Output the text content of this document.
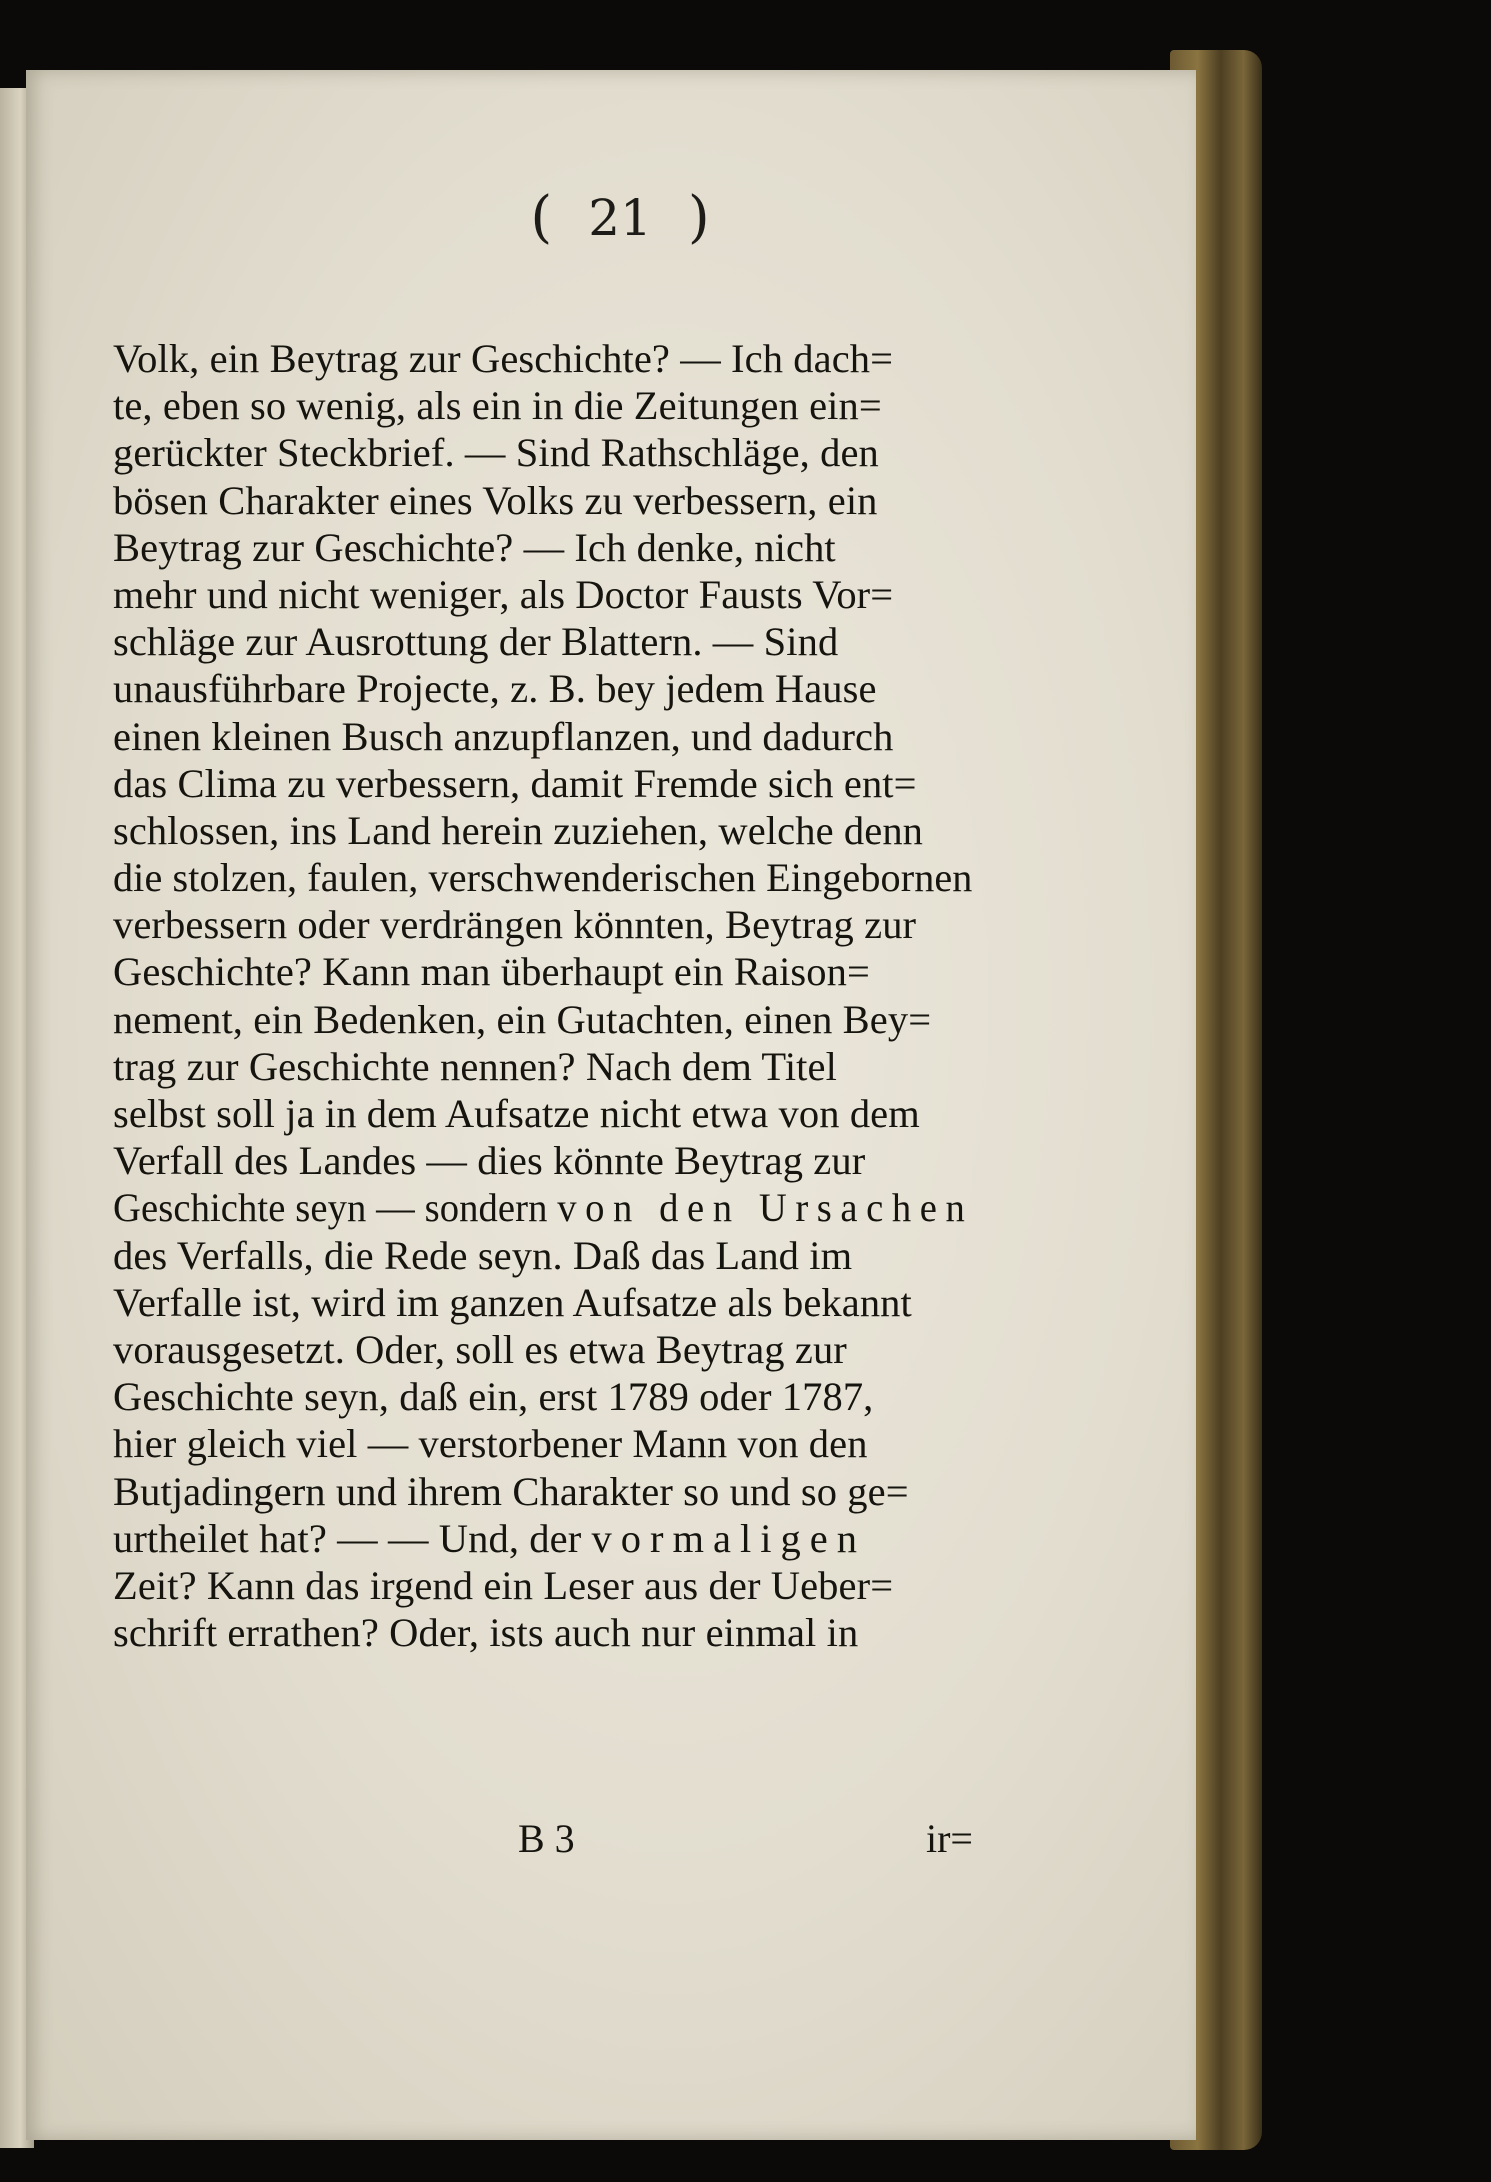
( 21 )
Volk, ein Beytrag zur Geschichte? — Ich dach=
te, eben so wenig, als ein in die Zeitungen ein=
gerückter Steckbrief. — Sind Rathschläge, den
bösen Charakter eines Volks zu verbessern, ein
Beytrag zur Geschichte? — Ich denke, nicht
mehr und nicht weniger, als Doctor Fausts Vor=
schläge zur Ausrottung der Blattern. — Sind
unausführbare Projecte, z. B. bey jedem Hause
einen kleinen Busch anzupflanzen, und dadurch
das Clima zu verbessern, damit Fremde sich ent=
schlossen, ins Land herein zuziehen, welche denn
die stolzen, faulen, verschwenderischen Eingebornen
verbessern oder verdrängen könnten, Beytrag zur
Geschichte? Kann man überhaupt ein Raison=
nement, ein Bedenken, ein Gutachten, einen Bey=
trag zur Geschichte nennen? Nach dem Titel
selbst soll ja in dem Aufsatze nicht etwa von dem
Verfall des Landes — dies könnte Beytrag zur
Geschichte seyn — sondern von den Ursachen
des Verfalls, die Rede seyn. Daß das Land im
Verfalle ist, wird im ganzen Aufsatze als bekannt
vorausgesetzt. Oder, soll es etwa Beytrag zur
Geschichte seyn, daß ein, erst 1789 oder 1787,
hier gleich viel — verstorbener Mann von den
Butjadingern und ihrem Charakter so und so ge=
urtheilet hat? — — Und, der vormaligen
Zeit? Kann das irgend ein Leser aus der Ueber=
schrift errathen? Oder, ists auch nur einmal in
B 3	ir=
